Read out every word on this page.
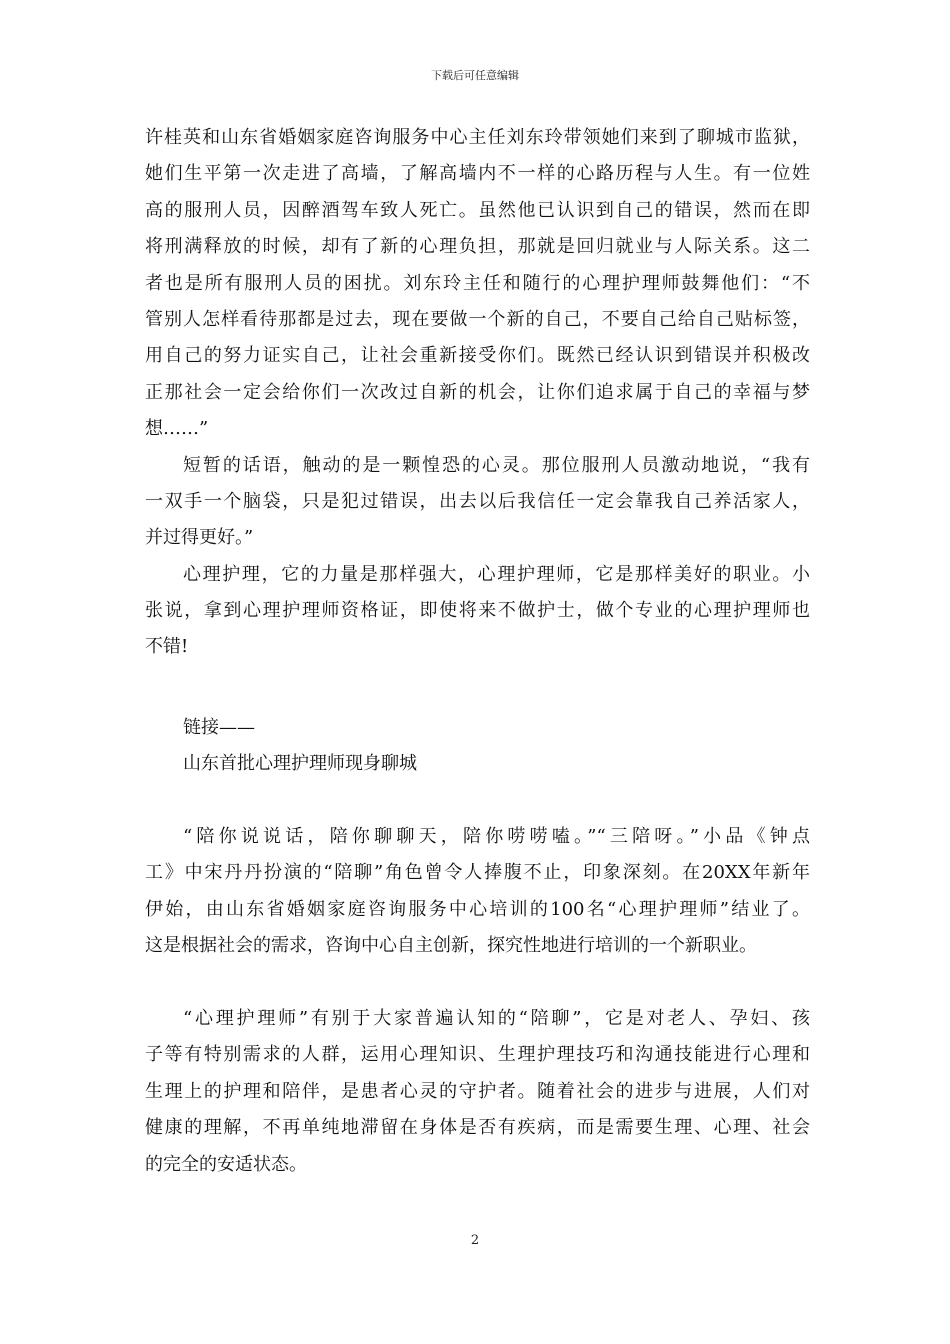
下载后可任意编辑
许桂英和山东省婚姻家庭咨询服务中心主任刘东玲带领她们来到了聊城市监狱，
她们生平第一次走进了高墙，了解高墙内不一样的心路历程与人生。有一位姓
高的服刑人员，因醉酒驾车致人死亡。虽然他已认识到自己的错误，然而在即
将刑满释放的时候，却有了新的心理负担，那就是回归就业与人际关系。这二
者也是所有服刑人员的困扰。刘东玲主任和随行的心理护理师鼓舞他们：“不
管别人怎样看待那都是过去，现在要做一个新的自己，不要自己给自己贴标签，
用自己的努力证实自己，让社会重新接受你们。既然已经认识到错误并积极改
正那社会一定会给你们一次改过自新的机会，让你们追求属于自己的幸福与梦
想……”
短暂的话语，触动的是一颗惶恐的心灵。那位服刑人员激动地说，“我有
一双手一个脑袋，只是犯过错误，出去以后我信任一定会靠我自己养活家人，
并过得更好。”
心理护理，它的力量是那样强大，心理护理师，它是那样美好的职业。小
张说，拿到心理护理师资格证，即使将来不做护士，做个专业的心理护理师也
不错!
链接——
山东首批心理护理师现身聊城
“陪你说说话，陪你聊聊天，陪你唠唠嗑。”“三陪呀。”小品《钟点
工》中宋丹丹扮演的“陪聊”角色曾令人捧腹不止，印象深刻。在20XX年新年
伊始，由山东省婚姻家庭咨询服务中心培训的100名“心理护理师”结业了。
这是根据社会的需求，咨询中心自主创新，探究性地进行培训的一个新职业。
“心理护理师”有别于大家普遍认知的“陪聊”，它是对老人、孕妇、孩
子等有特别需求的人群，运用心理知识、生理护理技巧和沟通技能进行心理和
生理上的护理和陪伴，是患者心灵的守护者。随着社会的进步与进展，人们对
健康的理解，不再单纯地滞留在身体是否有疾病，而是需要生理、心理、社会
的完全的安适状态。
2
